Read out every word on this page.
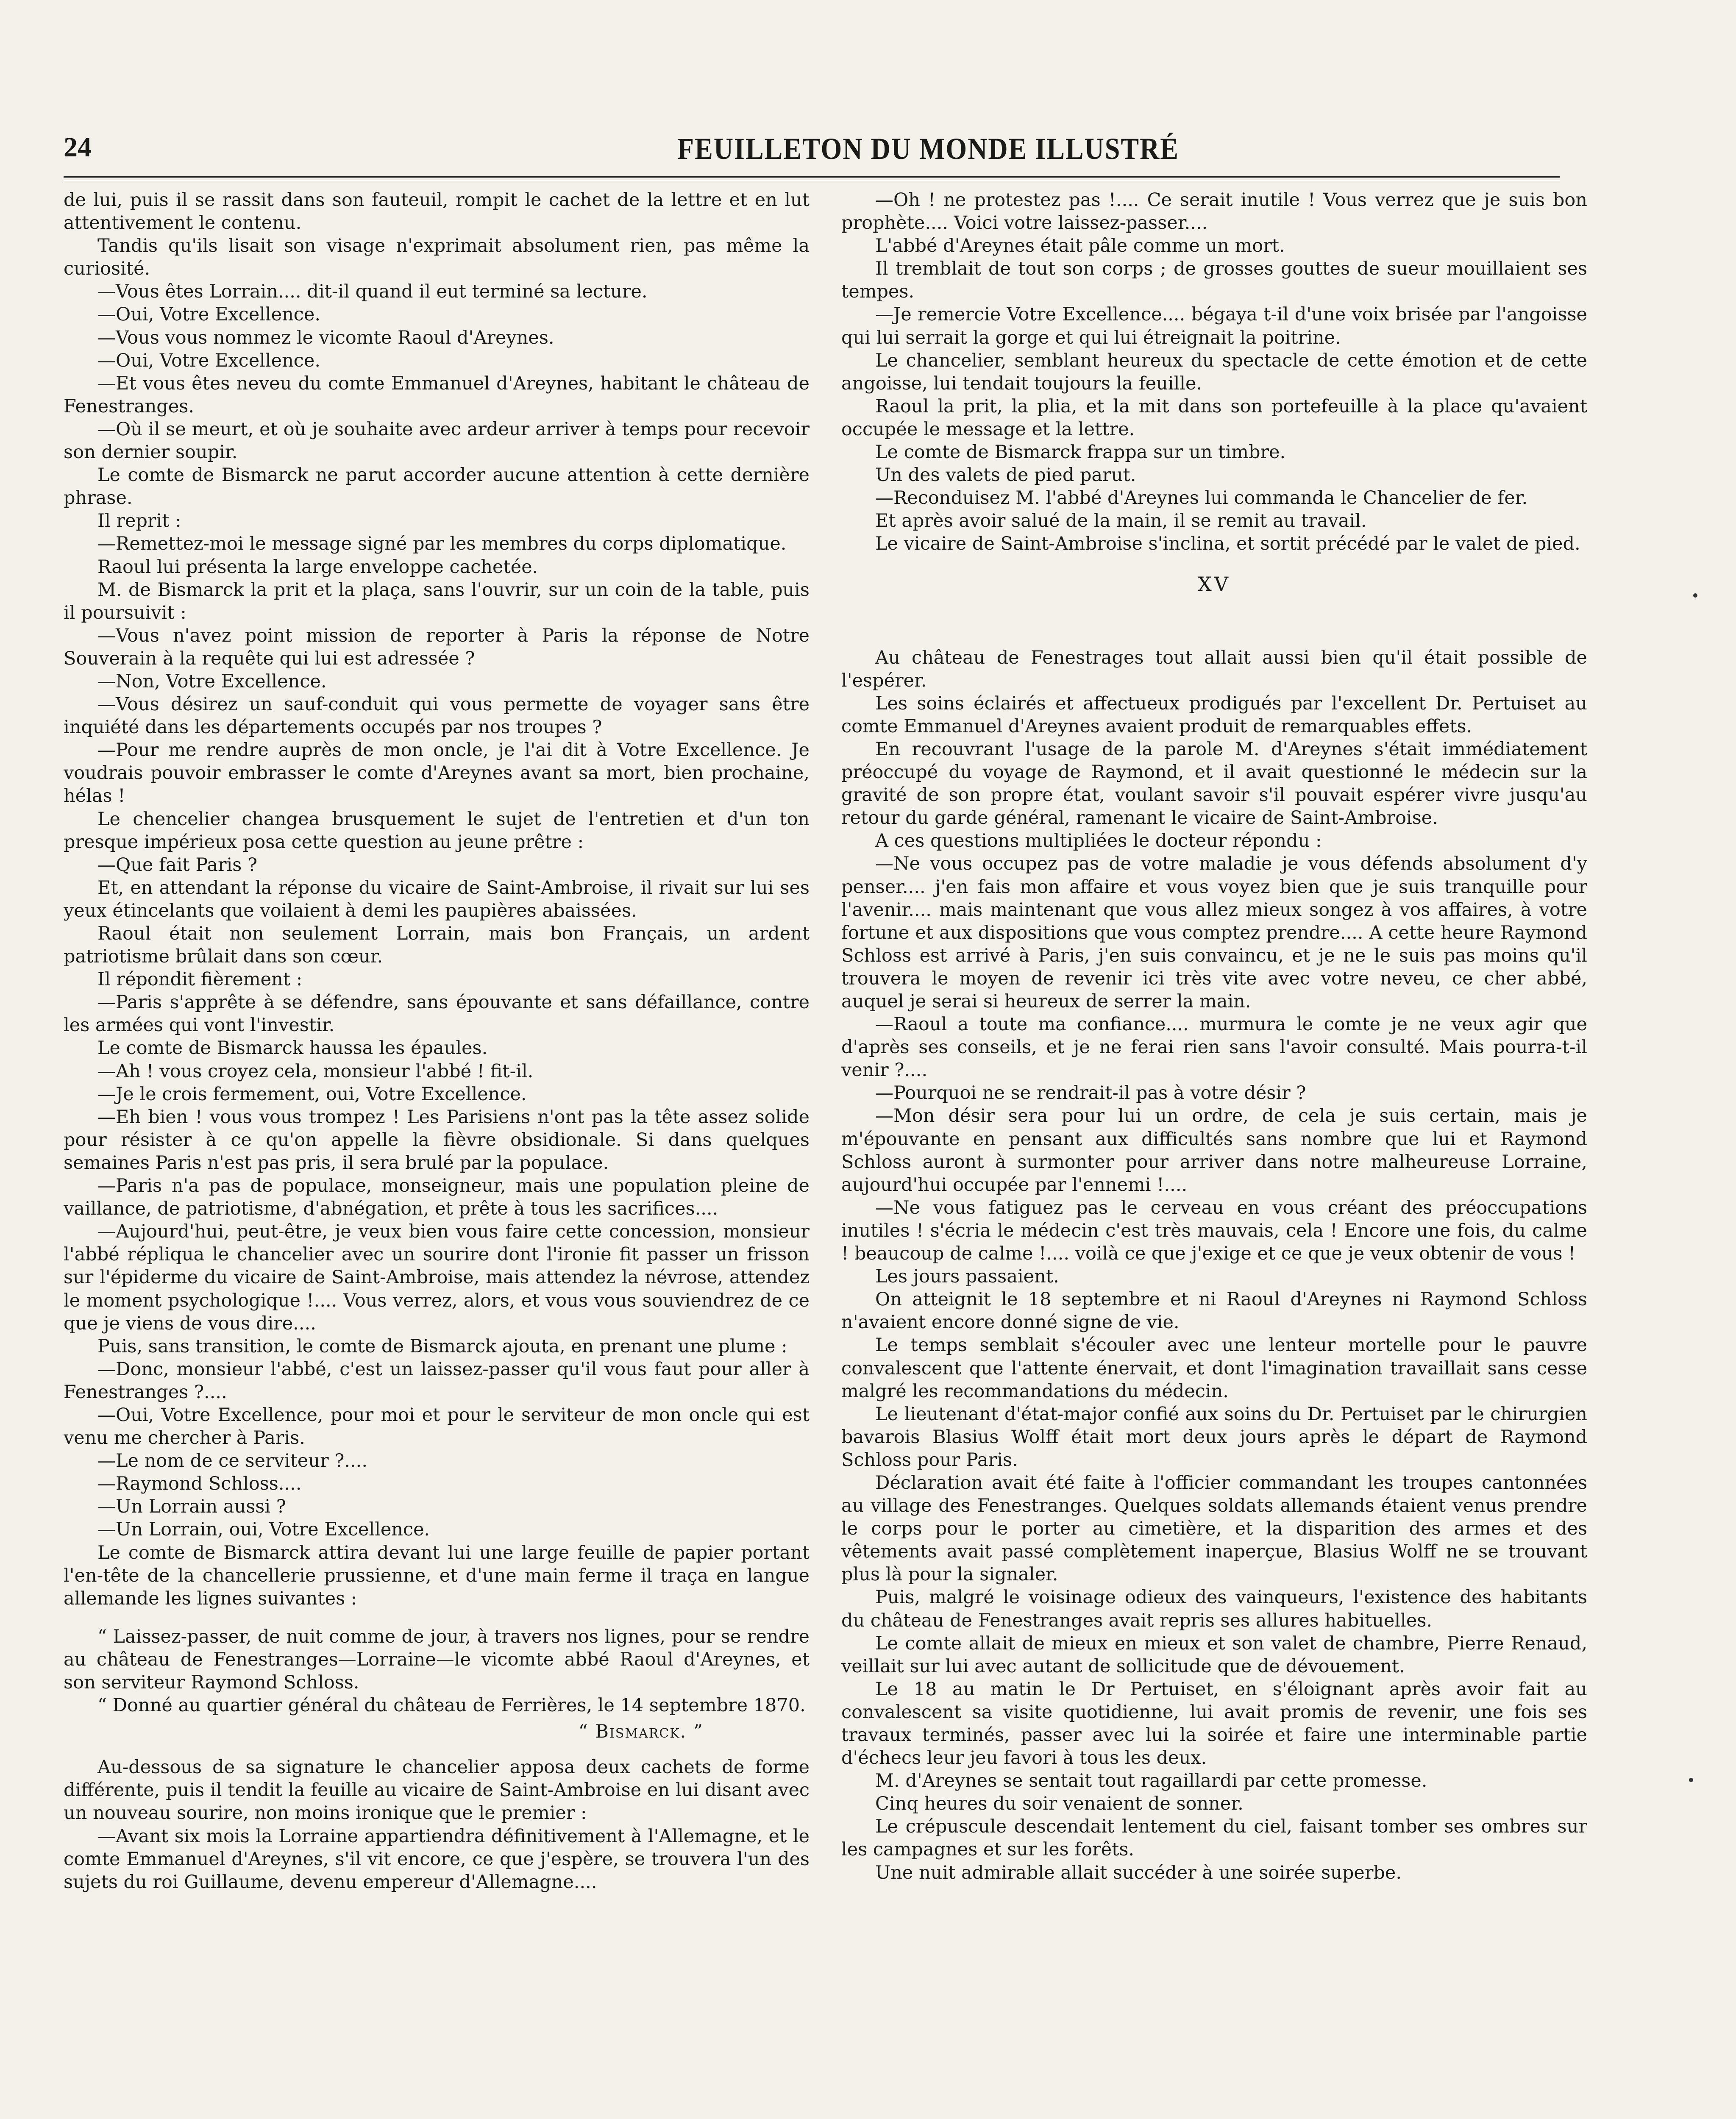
24	FEUILLETON DU MONDE ILLUSTRÉ

de lui, puis il se rassit dans son fauteuil, rompit le cachet de la lettre et en lut attentivement le contenu.

Tandis qu'ils lisait son visage n'exprimait absolument rien, pas même la curiosité.

—Vous êtes Lorrain.... dit-il quand il eut terminé sa lecture.

—Oui, Votre Excellence.

—Vous vous nommez le vicomte Raoul d'Areynes.

—Oui, Votre Excellence.

—Et vous êtes neveu du comte Emmanuel d'Areynes, habitant le château de Fenestranges.

—Où il se meurt, et où je souhaite avec ardeur arriver à temps pour recevoir son dernier soupir.

Le comte de Bismarck ne parut accorder aucune attention à cette dernière phrase.

Il reprit :

—Remettez-moi le message signé par les membres du corps diplomatique.

Raoul lui présenta la large enveloppe cachetée.

M. de Bismarck la prit et la plaça, sans l'ouvrir, sur un coin de la table, puis il poursuivit :

—Vous n'avez point mission de reporter à Paris la réponse de Notre Souverain à la requête qui lui est adressée ?

—Non, Votre Excellence.

—Vous désirez un sauf-conduit qui vous permette de voyager sans être inquiété dans les départements occupés par nos troupes ?

—Pour me rendre auprès de mon oncle, je l'ai dit à Votre Excellence. Je voudrais pouvoir embrasser le comte d'Areynes avant sa mort, bien prochaine, hélas !

Le chencelier changea brusquement le sujet de l'entretien et d'un ton presque impérieux posa cette question au jeune prêtre :

—Que fait Paris ?

Et, en attendant la réponse du vicaire de Saint-Ambroise, il rivait sur lui ses yeux étincelants que voilaient à demi les paupières abaissées.

Raoul était non seulement Lorrain, mais bon Français, un ardent patriotisme brûlait dans son cœur.

Il répondit fièrement :

—Paris s'apprête à se défendre, sans épouvante et sans défaillance, contre les armées qui vont l'investir.

Le comte de Bismarck haussa les épaules.

—Ah ! vous croyez cela, monsieur l'abbé ! fit-il.

—Je le crois fermement, oui, Votre Excellence.

—Eh bien ! vous vous trompez ! Les Parisiens n'ont pas la tête assez solide pour résister à ce qu'on appelle la fièvre obsidionale. Si dans quelques semaines Paris n'est pas pris, il sera brulé par la populace.

—Paris n'a pas de populace, monseigneur, mais une population pleine de vaillance, de patriotisme, d'abnégation, et prête à tous les sacrifices....

—Aujourd'hui, peut-être, je veux bien vous faire cette concession, monsieur l'abbé répliqua le chancelier avec un sourire dont l'ironie fit passer un frisson sur l'épiderme du vicaire de Saint-Ambroise, mais attendez la névrose, attendez le moment psychologique !.... Vous verrez, alors, et vous vous souviendrez de ce que je viens de vous dire....

Puis, sans transition, le comte de Bismarck ajouta, en prenant une plume :

—Donc, monsieur l'abbé, c'est un laissez-passer qu'il vous faut pour aller à Fenestranges ?....

—Oui, Votre Excellence, pour moi et pour le serviteur de mon oncle qui est venu me chercher à Paris.

—Le nom de ce serviteur ?....

—Raymond Schloss....

—Un Lorrain aussi ?

—Un Lorrain, oui, Votre Excellence.

Le comte de Bismarck attira devant lui une large feuille de papier portant l'en-tête de la chancellerie prussienne, et d'une main ferme il traça en langue allemande les lignes suivantes :

“ Laissez-passer, de nuit comme de jour, à travers nos lignes, pour se rendre au château de Fenestranges—Lorraine—le vicomte abbé Raoul d'Areynes, et son serviteur Raymond Schloss.

“ Donné au quartier général du château de Ferrières, le 14 septembre 1870.

“ Bismarck. ”

Au-dessous de sa signature le chancelier apposa deux cachets de forme différente, puis il tendit la feuille au vicaire de Saint-Ambroise en lui disant avec un nouveau sourire, non moins ironique que le premier :

—Avant six mois la Lorraine appartiendra définitivement à l'Allemagne, et le comte Emmanuel d'Areynes, s'il vit encore, ce que j'espère, se trouvera l'un des sujets du roi Guillaume, devenu empereur d'Allemagne....

—Oh ! ne protestez pas !.... Ce serait inutile ! Vous verrez que je suis bon prophète.... Voici votre laissez-passer....

L'abbé d'Areynes était pâle comme un mort.

Il tremblait de tout son corps ; de grosses gouttes de sueur mouillaient ses tempes.

—Je remercie Votre Excellence.... bégaya t-il d'une voix brisée par l'angoisse qui lui serrait la gorge et qui lui étreignait la poitrine.

Le chancelier, semblant heureux du spectacle de cette émotion et de cette angoisse, lui tendait toujours la feuille.

Raoul la prit, la plia, et la mit dans son portefeuille à la place qu'avaient occupée le message et la lettre.

Le comte de Bismarck frappa sur un timbre.

Un des valets de pied parut.

—Reconduisez M. l'abbé d'Areynes lui commanda le Chancelier de fer.

Et après avoir salué de la main, il se remit au travail.

Le vicaire de Saint-Ambroise s'inclina, et sortit précédé par le valet de pied.

XV

Au château de Fenestrages tout allait aussi bien qu'il était possible de l'espérer.

Les soins éclairés et affectueux prodigués par l'excellent Dr. Pertuiset au comte Emmanuel d'Areynes avaient produit de remarquables effets.

En recouvrant l'usage de la parole M. d'Areynes s'était immédiatement préoccupé du voyage de Raymond, et il avait questionné le médecin sur la gravité de son propre état, voulant savoir s'il pouvait espérer vivre jusqu'au retour du garde général, ramenant le vicaire de Saint-Ambroise.

A ces questions multipliées le docteur répondu :

—Ne vous occupez pas de votre maladie je vous défends absolument d'y penser.... j'en fais mon affaire et vous voyez bien que je suis tranquille pour l'avenir.... mais maintenant que vous allez mieux songez à vos affaires, à votre fortune et aux dispositions que vous comptez prendre.... A cette heure Raymond Schloss est arrivé à Paris, j'en suis convaincu, et je ne le suis pas moins qu'il trouvera le moyen de revenir ici très vite avec votre neveu, ce cher abbé, auquel je serai si heureux de serrer la main.

—Raoul a toute ma confiance.... murmura le comte je ne veux agir que d'après ses conseils, et je ne ferai rien sans l'avoir consulté. Mais pourra-t-il venir ?....

—Pourquoi ne se rendrait-il pas à votre désir ?

—Mon désir sera pour lui un ordre, de cela je suis certain, mais je m'épouvante en pensant aux difficultés sans nombre que lui et Raymond Schloss auront à surmonter pour arriver dans notre malheureuse Lorraine, aujourd'hui occupée par l'ennemi !....

—Ne vous fatiguez pas le cerveau en vous créant des préoccupations inutiles ! s'écria le médecin c'est très mauvais, cela ! Encore une fois, du calme ! beaucoup de calme !.... voilà ce que j'exige et ce que je veux obtenir de vous !

Les jours passaient.

On atteignit le 18 septembre et ni Raoul d'Areynes ni Raymond Schloss n'avaient encore donné signe de vie.

Le temps semblait s'écouler avec une lenteur mortelle pour le pauvre convalescent que l'attente énervait, et dont l'imagination travaillait sans cesse malgré les recommandations du médecin.

Le lieutenant d'état-major confié aux soins du Dr. Pertuiset par le chirurgien bavarois Blasius Wolff était mort deux jours après le départ de Raymond Schloss pour Paris.

Déclaration avait été faite à l'officier commandant les troupes cantonnées au village des Fenestranges. Quelques soldats allemands étaient venus prendre le corps pour le porter au cimetière, et la disparition des armes et des vêtements avait passé complètement inaperçue, Blasius Wolff ne se trouvant plus là pour la signaler.

Puis, malgré le voisinage odieux des vainqueurs, l'existence des habitants du château de Fenestranges avait repris ses allures habituelles.

Le comte allait de mieux en mieux et son valet de chambre, Pierre Renaud, veillait sur lui avec autant de sollicitude que de dévouement.

Le 18 au matin le Dr Pertuiset, en s'éloignant après avoir fait au convalescent sa visite quotidienne, lui avait promis de revenir, une fois ses travaux terminés, passer avec lui la soirée et faire une interminable partie d'échecs leur jeu favori à tous les deux.

M. d'Areynes se sentait tout ragaillardi par cette promesse.

Cinq heures du soir venaient de sonner.

Le crépuscule descendait lentement du ciel, faisant tomber ses ombres sur les campagnes et sur les forêts.

Une nuit admirable allait succéder à une soirée superbe.
